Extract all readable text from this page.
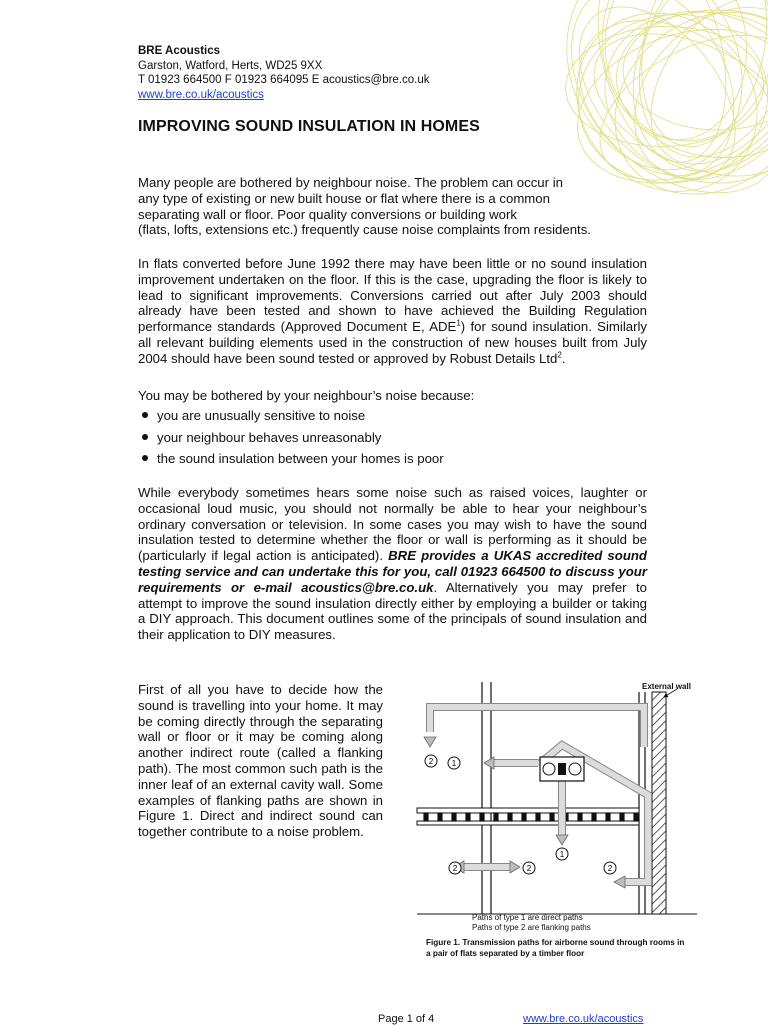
BRE Acoustics
Garston, Watford, Herts, WD25 9XX
T 01923 664500 F 01923 664095 E acoustics@bre.co.uk
www.bre.co.uk/acoustics
IMPROVING SOUND INSULATION IN HOMES
Many people are bothered by neighbour noise. The problem can occur in
any type of existing or new built house or flat where there is a common
separating wall or floor. Poor quality conversions or building work
(flats, lofts, extensions etc.) frequently cause noise complaints from residents.

In flats converted before June 1992 there may have been little or no sound insulation improvement undertaken on the floor. If this is the case, upgrading the floor is likely to lead to significant improvements. Conversions carried out after July 2003 should already have been tested and shown to have achieved the Building Regulation performance standards (Approved Document E, ADE$^1$) for sound insulation. Similarly all relevant building elements used in the construction of new houses built from July 2004 should have been sound tested or approved by Robust Details Ltd$^2$.

You may be bothered by your neighbour’s noise because:

you are unusually sensitive to noise
your neighbour behaves unreasonably
the sound insulation between your homes is poor

While everybody sometimes hears some noise such as raised voices, laughter or occasional loud music, you should not normally be able to hear your neighbour’s ordinary conversation or television. In some cases you may wish to have the sound insulation tested to determine whether the floor or wall is performing as it should be (particularly if legal action is anticipated). BRE provides a UKAS accredited sound testing service and can undertake this for you, call 01923 664500 to discuss your requirements or e-mail acoustics@bre.co.uk. Alternatively you may prefer to attempt to improve the sound insulation directly either by employing a builder or taking a DIY approach. This document outlines some of the principals of sound insulation and their application to DIY measures.

First of all you have to decide how the sound is travelling into your home. It may be coming directly through the separating wall or floor or it may be coming along another indirect route (called a flanking path). The most common such path is the inner leaf of an external cavity wall. Some examples of flanking paths are shown in Figure 1. Direct and indirect sound can together contribute to a noise problem.

2 1
1
2	2	2
External wall
Paths of type 1 are direct paths
Paths of type 2 are flanking paths
Figure 1. Transmission paths for airborne sound through rooms in a pair of flats separated by a timber floor
Page 1 of 4	www.bre.co.uk/acoustics
